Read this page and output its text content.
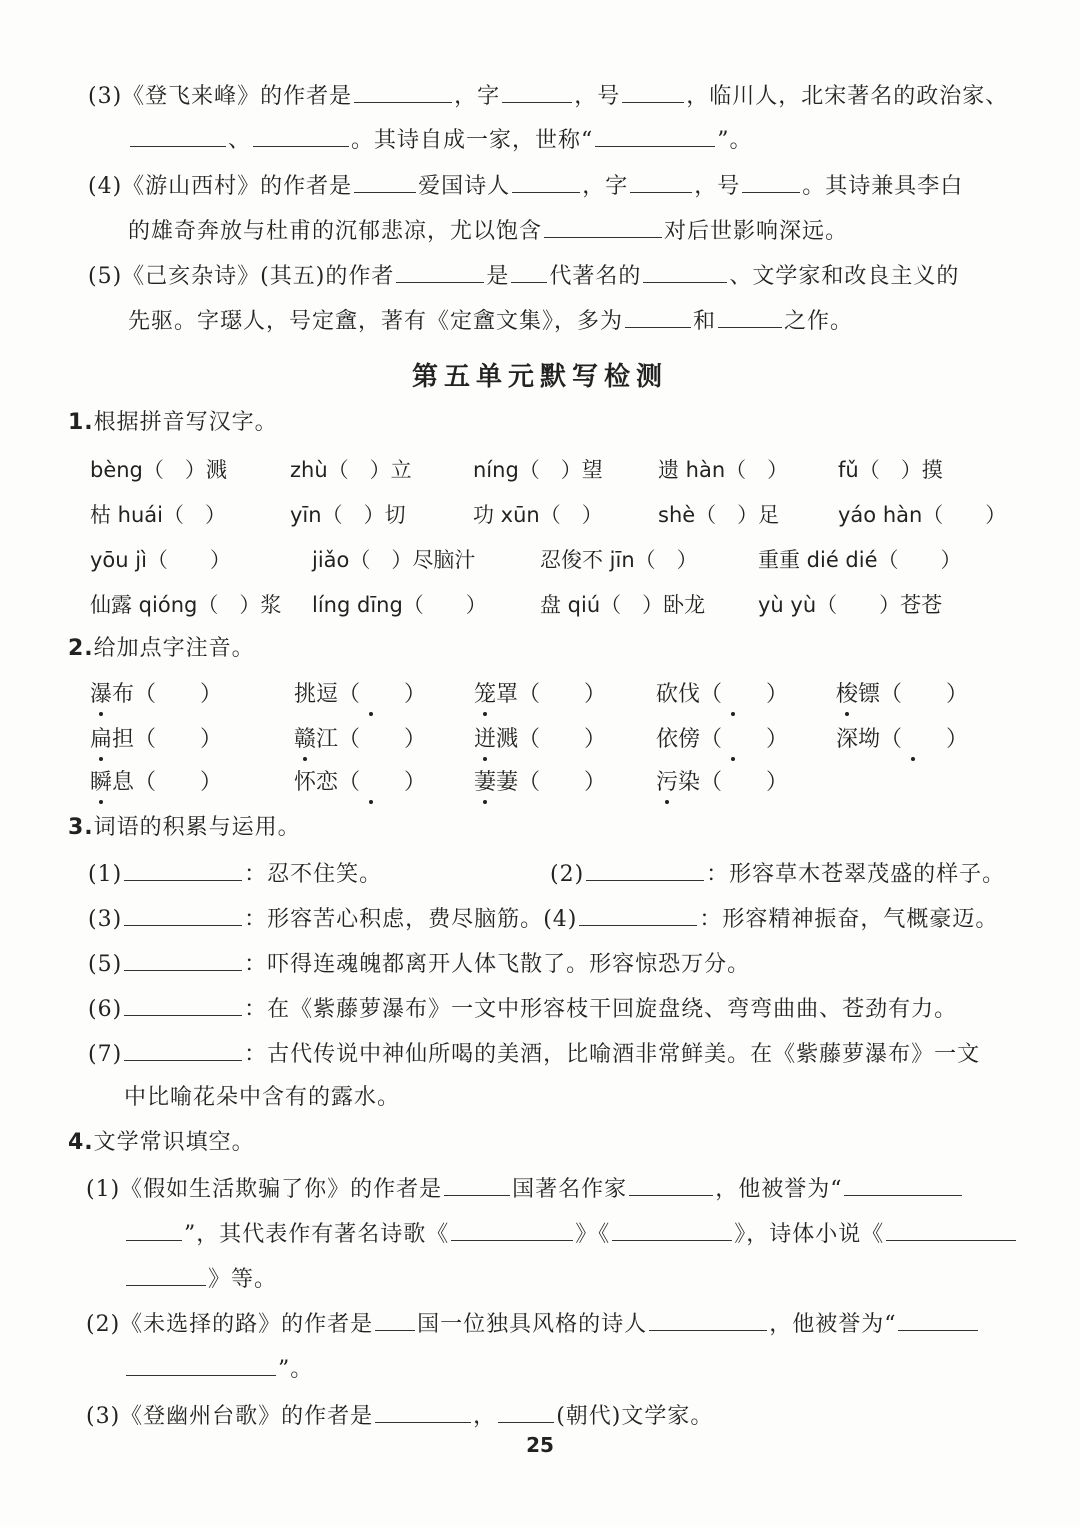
(3)《登飞来峰》的作者是	，字	，号	，临川人，北宋著名的政治家、
、	。其诗自成一家，世称“	”。
(4)《游山西村》的作者是	爱国诗人	，字	，号	。其诗兼具李白
的雄奇奔放与杜甫的沉郁悲凉，尤以饱含	对后世影响深远。
(5)《己亥杂诗》(其五)的作者	是 代著名的	、文学家和改良主义的
先驱。字璱人，号定盦，著有《定盦文集》，多为	和	之作。
第五单元默写检测
1.根据拼音写汉字。
bèng（　）溅	zhù（　）立	níng（　）望	遗 hàn（　） fǔ（　）摸
枯 huái（　）	yīn（　）切	功 xūn（　）	shè（　）足	yáo hàn（　　）
yōu jì（　　）	jiǎo（　）尽脑汁	忍俊不 jīn（　）	重重 dié dié（　　）
仙露 qióng（　）浆 líng dīng（　　）	盘 qiú（　）卧龙	yù yù（　　）苍苍
2.给加点字注音。
瀑布（　　）	挑逗（　　） 笼罩（　　） 砍伐（　　） 梭镖（　　）
扁担（　　）	赣江（　　） 迸溅（　　） 依傍（　　） 深坳（　　）
瞬息（　　）	怀恋（　　） 萋萋（　　） 污染（　　）
3.词语的积累与运用。
(1)	：忍不住笑。	(2)	：形容草木苍翠茂盛的样子。
(3)	：形容苦心积虑，费尽脑筋。(4)	：形容精神振奋，气概豪迈。
(5)	：吓得连魂魄都离开人体飞散了。形容惊恐万分。
(6)	：在《紫藤萝瀑布》一文中形容枝干回旋盘绕、弯弯曲曲、苍劲有力。
(7)	：古代传说中神仙所喝的美酒，比喻酒非常鲜美。在《紫藤萝瀑布》一文
中比喻花朵中含有的露水。
4.文学常识填空。
(1)《假如生活欺骗了你》的作者是	国著名作家	，他被誉为“
”，其代表作有著名诗歌《	》《	》，诗体小说《
》等。
(2)《未选择的路》的作者是 国一位独具风格的诗人	，他被誉为“
”。
(3)《登幽州台歌》的作者是	，	(朝代)文学家。
25
